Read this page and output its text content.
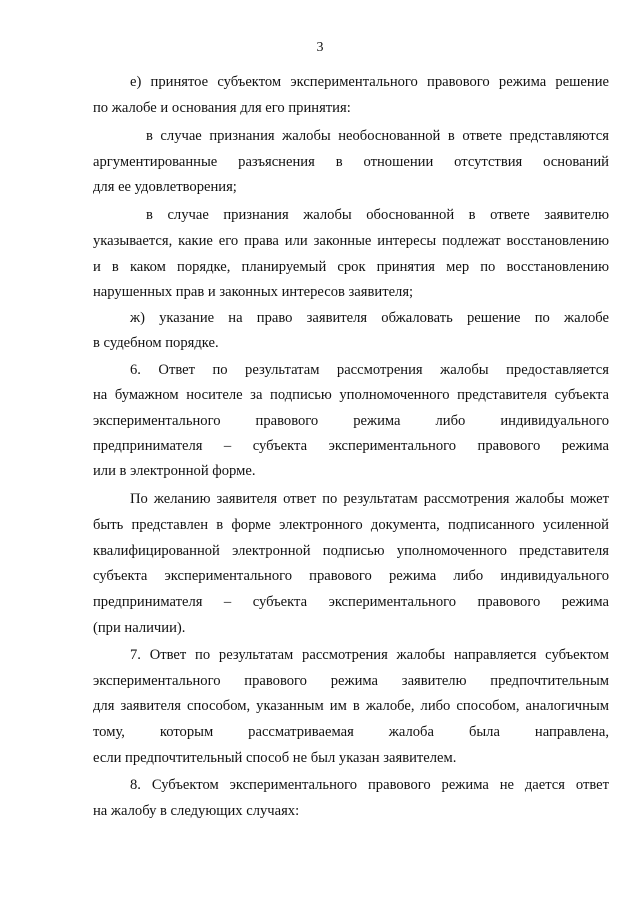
3
е) принятое субъектом экспериментального правового режима решение
по жалобе и основания для его принятия:
в случае признания жалобы необоснованной в ответе представляются
аргументированные разъяснения в отношении отсутствия оснований
для ее удовлетворения;
в случае признания жалобы обоснованной в ответе заявителю
указывается, какие его права или законные интересы подлежат восстановлению
и в каком порядке, планируемый срок принятия мер по восстановлению
нарушенных прав и законных интересов заявителя;
ж) указание на право заявителя обжаловать решение по жалобе
в судебном порядке.
6. Ответ по результатам рассмотрения жалобы предоставляется
на бумажном носителе за подписью уполномоченного представителя субъекта
экспериментального правового режима либо индивидуального
предпринимателя – субъекта экспериментального правового режима
или в электронной форме.
По желанию заявителя ответ по результатам рассмотрения жалобы может
быть представлен в форме электронного документа, подписанного усиленной
квалифицированной электронной подписью уполномоченного представителя
субъекта экспериментального правового режима либо индивидуального
предпринимателя – субъекта экспериментального правового режима
(при наличии).
7. Ответ по результатам рассмотрения жалобы направляется субъектом
экспериментального правового режима заявителю предпочтительным
для заявителя способом, указанным им в жалобе, либо способом, аналогичным
тому, которым рассматриваемая жалоба была направлена,
если предпочтительный способ не был указан заявителем.
8. Субъектом экспериментального правового режима не дается ответ
на жалобу в следующих случаях:
